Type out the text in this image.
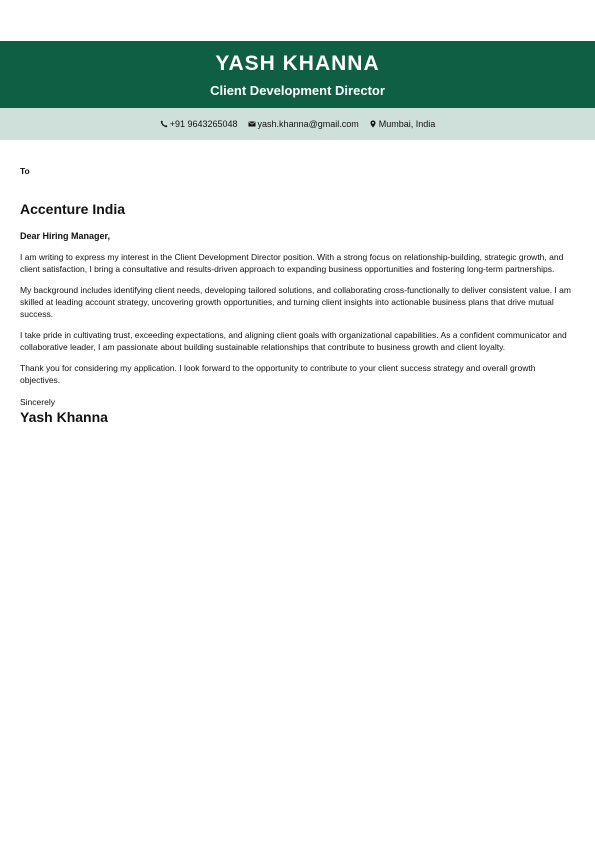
YASH KHANNA
Client Development Director
+91 9643265048 yash.khanna@gmail.com Mumbai, India

To

Accenture India

Dear Hiring Manager,

I am writing to express my interest in the Client Development Director position. With a strong focus on relationship-building, strategic growth, and client satisfaction, I bring a consultative and results-driven approach to expanding business opportunities and fostering long-term partnerships.

My background includes identifying client needs, developing tailored solutions, and collaborating cross-functionally to deliver consistent value. I am skilled at leading account strategy, uncovering growth opportunities, and turning client insights into actionable business plans that drive mutual success.

I take pride in cultivating trust, exceeding expectations, and aligning client goals with organizational capabilities. As a confident communicator and collaborative leader, I am passionate about building sustainable relationships that contribute to business growth and client loyalty.

Thank you for considering my application. I look forward to the opportunity to contribute to your client success strategy and overall growth objectives.

Sincerely

Yash Khanna
